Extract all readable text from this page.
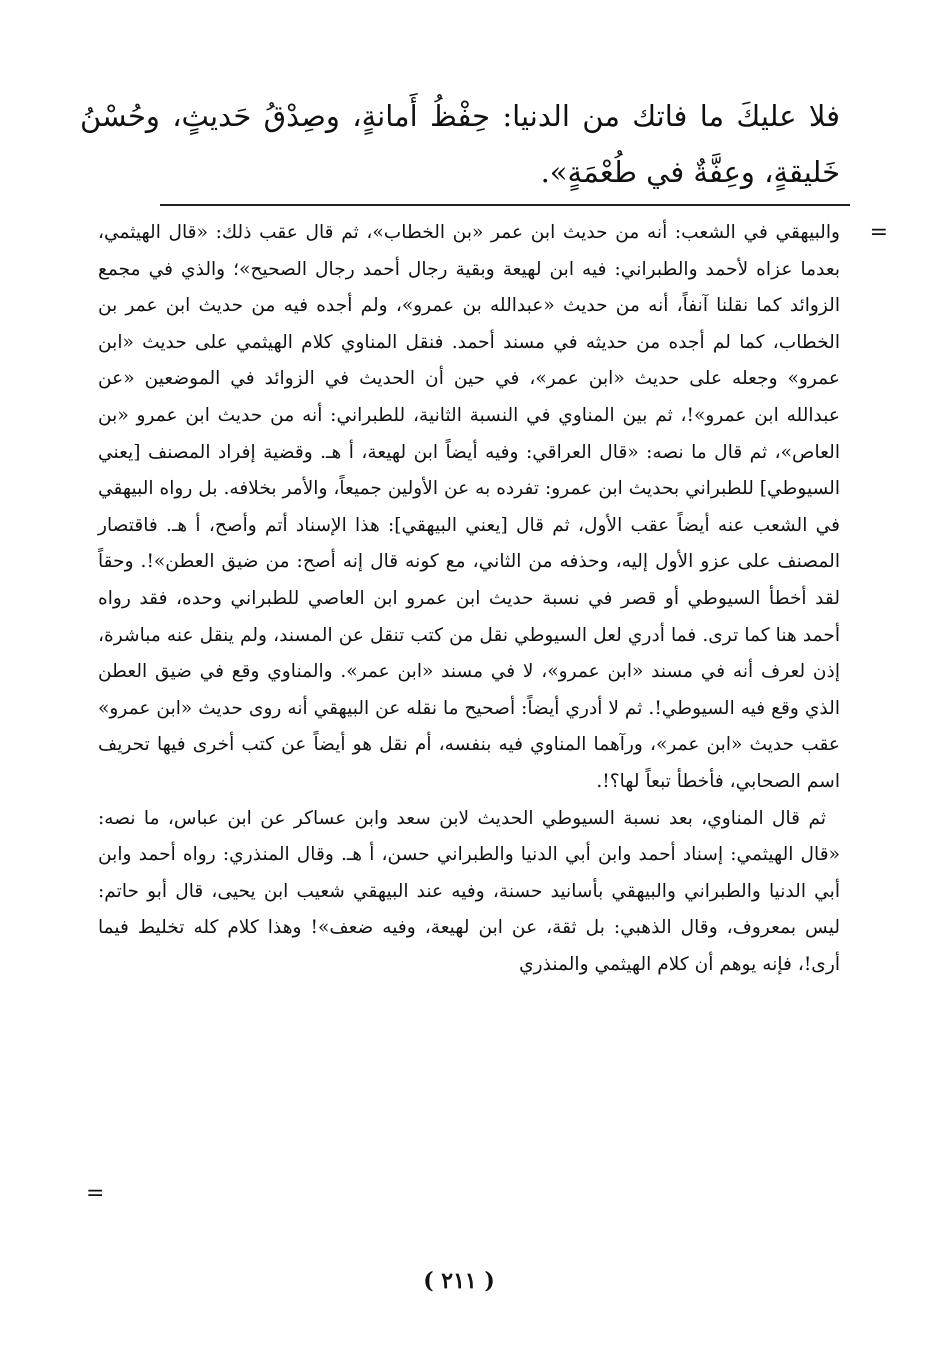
فلا عليكَ ما فاتك من الدنيا: حِفْظُ أَمانةٍ، وصِدْقُ حَديثٍ، وحُسْنُ خَليقةٍ، وعِفَّةٌ في طُعْمَةٍ».

=

والبيهقي في الشعب: أنه من حديث ابن عمر «بن الخطاب»، ثم قال عقب ذلك: «قال الهيثمي، بعدما عزاه لأحمد والطبراني: فيه ابن لهيعة وبقية رجال أحمد رجال الصحيح»؛ والذي في مجمع الزوائد كما نقلنا آنفاً، أنه من حديث «عبدالله بن عمرو»، ولم أجده فيه من حديث ابن عمر بن الخطاب، كما لم أجده من حديثه في مسند أحمد. فنقل المناوي كلام الهيثمي على حديث «ابن عمرو» وجعله على حديث «ابن عمر»، في حين أن الحديث في الزوائد في الموضعين «عن عبدالله ابن عمرو»!، ثم بين المناوي في النسبة الثانية، للطبراني: أنه من حديث ابن عمرو «بن العاص»، ثم قال ما نصه: «قال العراقي: وفيه أيضاً ابن لهيعة، أ هـ. وقضية إفراد المصنف [يعني السيوطي] للطبراني بحديث ابن عمرو: تفرده به عن الأولين جميعاً، والأمر بخلافه. بل رواه البيهقي في الشعب عنه أيضاً عقب الأول، ثم قال [يعني البيهقي]: هذا الإسناد أتم وأصح، أ هـ. فاقتصار المصنف على عزو الأول إليه، وحذفه من الثاني، مع كونه قال إنه أصح: من ضيق العطن»!. وحقاً لقد أخطأ السيوطي أو قصر في نسبة حديث ابن عمرو ابن العاصي للطبراني وحده، فقد رواه أحمد هنا كما ترى. فما أدري لعل السيوطي نقل من كتب تنقل عن المسند، ولم ينقل عنه مباشرة، إذن لعرف أنه في مسند «ابن عمرو»، لا في مسند «ابن عمر». والمناوي وقع في ضيق العطن الذي وقع فيه السيوطي!. ثم لا أدري أيضاً: أصحيح ما نقله عن البيهقي أنه روى حديث «ابن عمرو» عقب حديث «ابن عمر»، ورآهما المناوي فيه بنفسه، أم نقل هو أيضاً عن كتب أخرى فيها تحريف اسم الصحابي، فأخطأ تبعاً لها؟!.

ثم قال المناوي، بعد نسبة السيوطي الحديث لابن سعد وابن عساكر عن ابن عباس، ما نصه: «قال الهيثمي: إسناد أحمد وابن أبي الدنيا والطبراني حسن، أ هـ. وقال المنذري: رواه أحمد وابن أبي الدنيا والطبراني والبيهقي بأسانيد حسنة، وفيه عند البيهقي شعيب ابن يحيى، قال أبو حاتم: ليس بمعروف، وقال الذهبي: بل ثقة، عن ابن لهيعة، وفيه ضعف»! وهذا كلام كله تخليط فيما أرى!، فإنه يوهم أن كلام الهيثمي والمنذري

=
( ٢١١ )
